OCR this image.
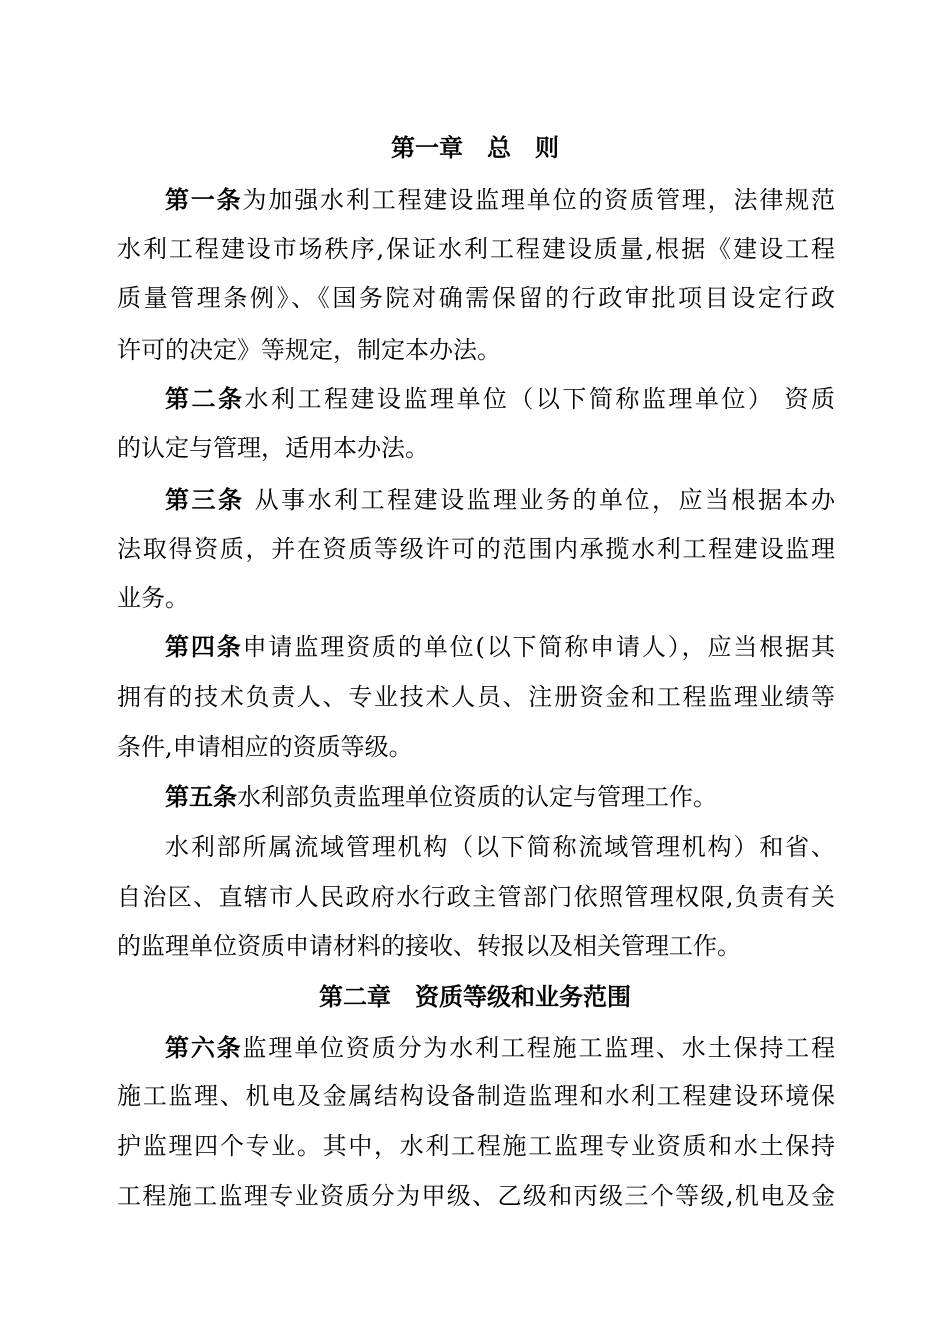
第一章　总　则
第一条为加强水利工程建设监理单位的资质管理，法律规范
水利工程建设市场秩序,保证水利工程建设质量,根据《建设工程
质量管理条例》、《国务院对确需保留的行政审批项目设定行政
许可的决定》等规定，制定本办法。
第二条水利工程建设监理单位（以下简称监理单位） 资质
的认定与管理，适用本办法。
第三条 从事水利工程建设监理业务的单位，应当根据本办
法取得资质，并在资质等级许可的范围内承揽水利工程建设监理
业务。
第四条申请监理资质的单位(以下简称申请人），应当根据其
拥有的技术负责人、专业技术人员、注册资金和工程监理业绩等
条件,申请相应的资质等级。
第五条水利部负责监理单位资质的认定与管理工作。
水利部所属流域管理机构（以下简称流域管理机构）和省、
自治区、直辖市人民政府水行政主管部门依照管理权限,负责有关
的监理单位资质申请材料的接收、转报以及相关管理工作。
第二章　资质等级和业务范围
第六条监理单位资质分为水利工程施工监理、水土保持工程
施工监理、机电及金属结构设备制造监理和水利工程建设环境保
护监理四个专业。其中，水利工程施工监理专业资质和水土保持
工程施工监理专业资质分为甲级、乙级和丙级三个等级,机电及金
